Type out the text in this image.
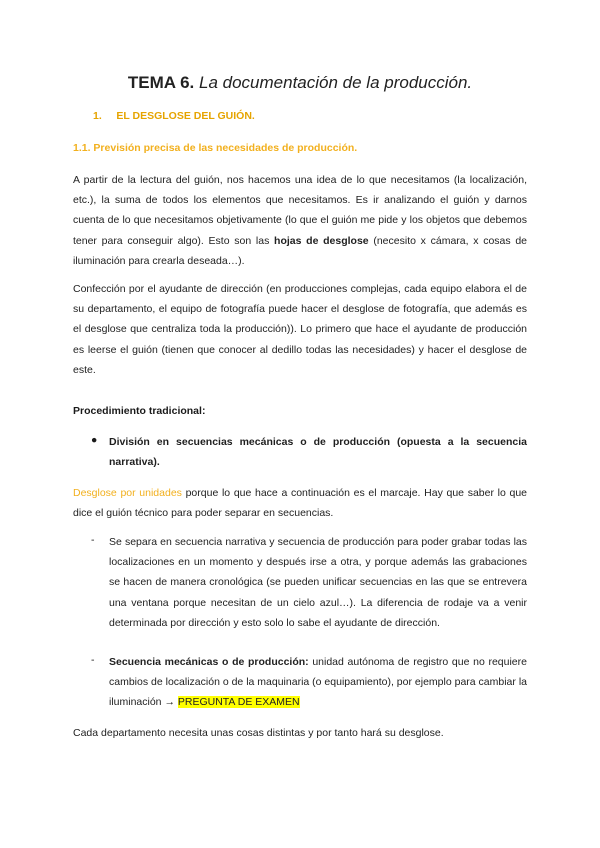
TEMA 6. La documentación de la producción.
1. EL DESGLOSE DEL GUIÓN.
1.1. Previsión precisa de las necesidades de producción.
A partir de la lectura del guión, nos hacemos una idea de lo que necesitamos (la localización, etc.), la suma de todos los elementos que necesitamos. Es ir analizando el guión y darnos cuenta de lo que necesitamos objetivamente (lo que el guión me pide y los objetos que debemos tener para conseguir algo). Esto son las hojas de desglose (necesito x cámara, x cosas de iluminación para crearla deseada…).
Confección por el ayudante de dirección (en producciones complejas, cada equipo elabora el de su departamento, el equipo de fotografía puede hacer el desglose de fotografía, que además es el desglose que centraliza toda la producción)). Lo primero que hace el ayudante de producción es leerse el guión (tienen que conocer al dedillo todas las necesidades) y hacer el desglose de este.
Procedimiento tradicional:
● División en secuencias mecánicas o de producción (opuesta a la secuencia narrativa).
Desglose por unidades porque lo que hace a continuación es el marcaje. Hay que saber lo que dice el guión técnico para poder separar en secuencias.
- Se separa en secuencia narrativa y secuencia de producción para poder grabar todas las localizaciones en un momento y después irse a otra, y porque además las grabaciones se hacen de manera cronológica (se pueden unificar secuencias en las que se entrevera una ventana porque necesitan de un cielo azul…). La diferencia de rodaje va a venir determinada por dirección y esto solo lo sabe el ayudante de dirección.
- Secuencia mecánicas o de producción: unidad autónoma de registro que no requiere cambios de localización o de la maquinaria (o equipamiento), por ejemplo para cambiar la iluminación → PREGUNTA DE EXAMEN
Cada departamento necesita unas cosas distintas y por tanto hará su desglose.
